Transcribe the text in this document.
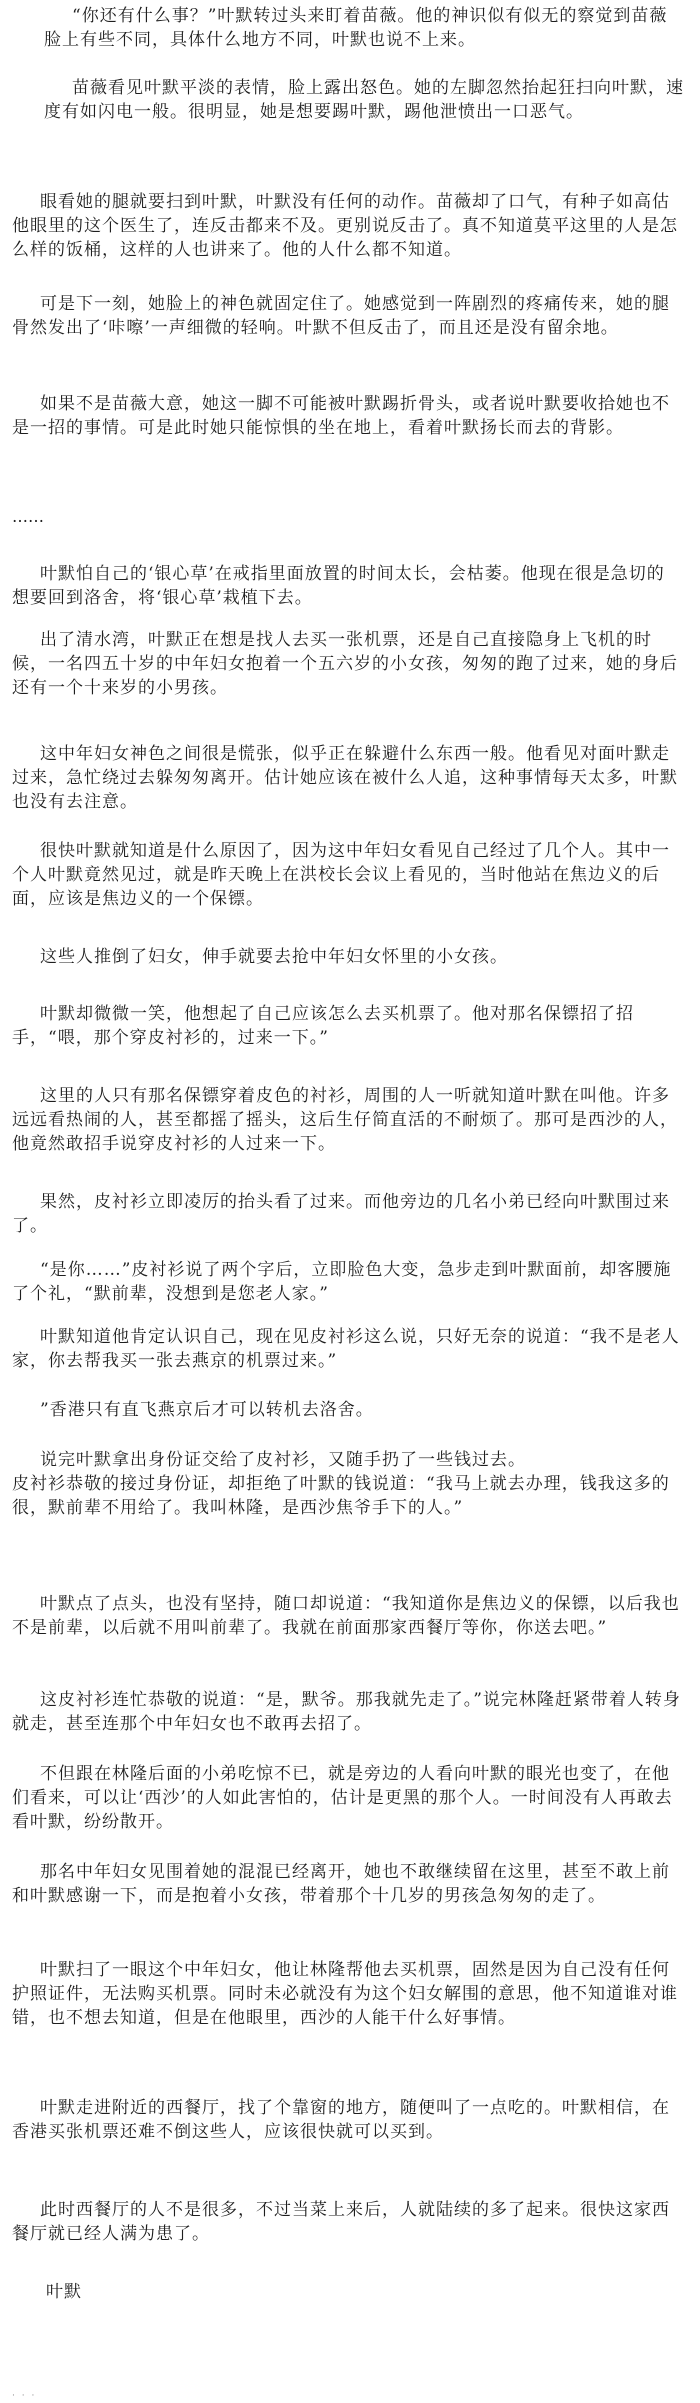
“你还有什么事？”叶默转过头来盯着苗薇。他的神识似有似无的察觉到苗薇脸上有些不同，具体什么地方不同，叶默也说不上来。

苗薇看见叶默平淡的表情，脸上露出怒色。她的左脚忽然抬起狂扫向叶默，速度有如闪电一般。很明显，她是想要踢叶默，踢他泄愤出一口恶气。

眼看她的腿就要扫到叶默，叶默没有任何的动作。苗薇却了口气，有种子如高估他眼里的这个医生了，连反击都来不及。更别说反击了。真不知道莫平这里的人是怎么样的饭桶，这样的人也讲来了。他的人什么都不知道。

可是下一刻，她脸上的神色就固定住了。她感觉到一阵剧烈的疼痛传来，她的腿骨然发出了‘咔嚓’一声细微的轻响。叶默不但反击了，而且还是没有留余地。

如果不是苗薇大意，她这一脚不可能被叶默踢折骨头，或者说叶默要收拾她也不是一招的事情。可是此时她只能惊惧的坐在地上，看着叶默扬长而去的背影。

……

叶默怕自己的‘银心草’在戒指里面放置的时间太长，会枯萎。他现在很是急切的想要回到洛舍，将‘银心草’栽植下去。

出了清水湾，叶默正在想是找人去买一张机票，还是自己直接隐身上飞机的时候，一名四五十岁的中年妇女抱着一个五六岁的小女孩，匆匆的跑了过来，她的身后还有一个十来岁的小男孩。

这中年妇女神色之间很是慌张，似乎正在躲避什么东西一般。他看见对面叶默走过来，急忙绕过去躲匆匆离开。估计她应该在被什么人追，这种事情每天太多，叶默也没有去注意。

很快叶默就知道是什么原因了，因为这中年妇女看见自己经过了几个人。其中一个人叶默竟然见过，就是昨天晚上在洪校长会议上看见的，当时他站在焦边义的后面，应该是焦边义的一个保镖。

这些人推倒了妇女，伸手就要去抢中年妇女怀里的小女孩。

叶默却微微一笑，他想起了自己应该怎么去买机票了。他对那名保镖招了招手，“喂，那个穿皮衬衫的，过来一下。”

这里的人只有那名保镖穿着皮色的衬衫，周围的人一听就知道叶默在叫他。许多远远看热闹的人，甚至都摇了摇头，这后生仔简直活的不耐烦了。那可是西沙的人，他竟然敢招手说穿皮衬衫的人过来一下。

果然，皮衬衫立即凌厉的抬头看了过来。而他旁边的几名小弟已经向叶默围过来了。

“是你……”皮衬衫说了两个字后，立即脸色大变，急步走到叶默面前，却客腰施了个礼，“默前辈，没想到是您老人家。”

叶默知道他肯定认识自己，现在见皮衬衫这么说，只好无奈的说道：“我不是老人家，你去帮我买一张去燕京的机票过来。”

”香港只有直飞燕京后才可以转机去洛舍。

说完叶默拿出身份证交给了皮衬衫，又随手扔了一些钱过去。
皮衬衫恭敬的接过身份证，却拒绝了叶默的钱说道：“我马上就去办理，钱我这多的很，默前辈不用给了。我叫林隆，是西沙焦爷手下的人。”

叶默点了点头，也没有坚持，随口却说道：“我知道你是焦边义的保镖，以后我也不是前辈，以后就不用叫前辈了。我就在前面那家西餐厅等你，你送去吧。”

这皮衬衫连忙恭敬的说道：“是，默爷。那我就先走了。”说完林隆赶紧带着人转身就走，甚至连那个中年妇女也不敢再去招了。

不但跟在林隆后面的小弟吃惊不已，就是旁边的人看向叶默的眼光也变了，在他们看来，可以让‘西沙’的人如此害怕的，估计是更黑的那个人。一时间没有人再敢去看叶默，纷纷散开。

那名中年妇女见围着她的混混已经离开，她也不敢继续留在这里，甚至不敢上前和叶默感谢一下，而是抱着小女孩，带着那个十几岁的男孩急匆匆的走了。

叶默扫了一眼这个中年妇女，他让林隆帮他去买机票，固然是因为自己没有任何护照证件，无法购买机票。同时未必就没有为这个妇女解围的意思，他不知道谁对谁错，也不想去知道，但是在他眼里，西沙的人能干什么好事情。

叶默走进附近的西餐厅，找了个靠窗的地方，随便叫了一点吃的。叶默相信，在香港买张机票还难不倒这些人，应该很快就可以买到。

此时西餐厅的人不是很多，不过当菜上来后，人就陆续的多了起来。很快这家西餐厅就已经人满为患了。

叶默

· · ·
